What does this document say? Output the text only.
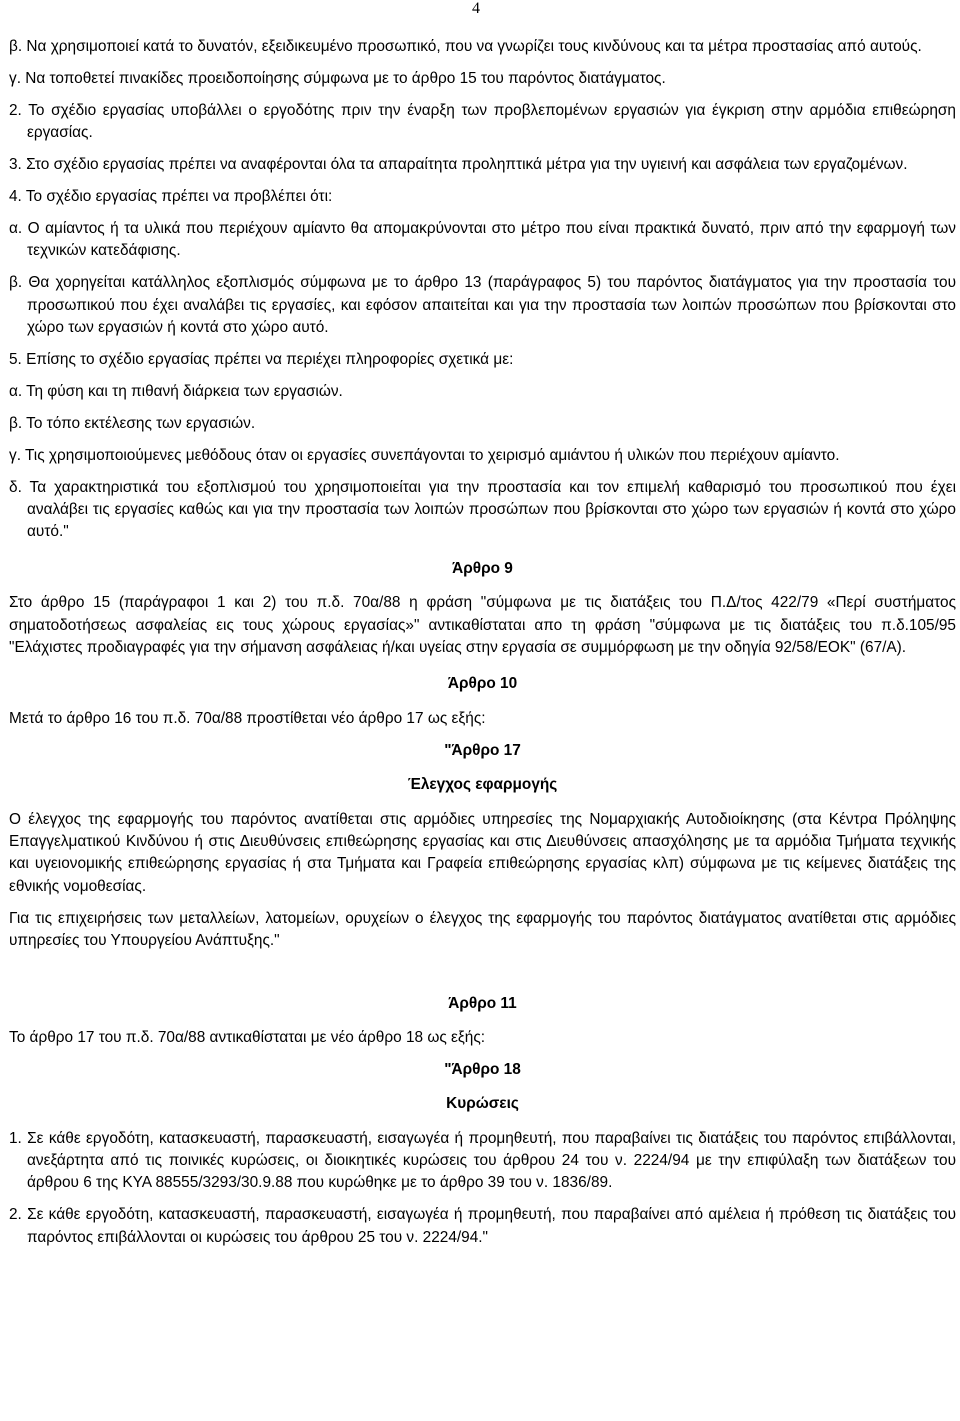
4

β. Να χρησιμοποιεί κατά το δυνατόν, εξειδικευμένο προσωπικό, που να γνωρίζει τους κινδύνους και τα μέτρα προστασίας από αυτούς.

γ. Να τοποθετεί πινακίδες προειδοποίησης σύμφωνα με το άρθρο 15 του παρόντος διατάγματος.

2. Το σχέδιο εργασίας υποβάλλει ο εργοδότης πριν την έναρξη των προβλεπομένων εργασιών για έγκριση στην αρμόδια επιθεώρηση εργασίας.

3. Στο σχέδιο εργασίας πρέπει να αναφέρονται όλα τα απαραίτητα προληπτικά μέτρα για την υγιεινή και ασφάλεια των εργαζομένων.

4. Το σχέδιο εργασίας πρέπει να προβλέπει ότι:

α. Ο αμίαντος ή τα υλικά που περιέχουν αμίαντο θα απομακρύνονται στο μέτρο που είναι πρακτικά δυνατό, πριν από την εφαρμογή των τεχνικών κατεδάφισης.

β. Θα χορηγείται κατάλληλος εξοπλισμός σύμφωνα με το άρθρο 13 (παράγραφος 5) του παρόντος διατάγματος για την προστασία του προσωπικού που έχει αναλάβει τις εργασίες, και εφόσον απαιτείται και για την προστασία των λοιπών προσώπων που βρίσκονται στο χώρο των εργασιών ή κοντά στο χώρο αυτό.

5. Επίσης το σχέδιο εργασίας πρέπει να περιέχει πληροφορίες σχετικά με:

α. Τη φύση και τη πιθανή διάρκεια των εργασιών.

β. Το τόπο εκτέλεσης των εργασιών.

γ. Τις χρησιμοποιούμενες μεθόδους όταν οι εργασίες συνεπάγονται το χειρισμό αμιάντου ή υλικών που περιέχουν αμίαντο.

δ. Τα χαρακτηριστικά του εξοπλισμού του χρησιμοποιείται για την προστασία και τον επιμελή καθαρισμό του προσωπικού που έχει αναλάβει τις εργασίες καθώς και για την προστασία των λοιπών προσώπων που βρίσκονται στο χώρο των εργασιών ή κοντά στο χώρο αυτό."

Άρθρο 9

Στο άρθρο 15 (παράγραφοι 1 και 2) του π.δ. 70α/88 η φράση "σύμφωνα με τις διατάξεις του Π.Δ/τος 422/79 «Περί συστήματος σηματοδοτήσεως ασφαλείας εις τους χώρους εργασίας»" αντικαθίσταται απο τη φράση "σύμφωνα με τις διατάξεις του π.δ.105/95 "Ελάχιστες προδιαγραφές για την σήμανση ασφάλειας ή/και υγείας στην εργασία σε συμμόρφωση με την οδηγία 92/58/ΕΟΚ" (67/Α).

Άρθρο 10

Μετά το άρθρο 16 του π.δ. 70α/88 προστίθεται νέο άρθρο 17 ως εξής:

"Άρθρο 17

Έλεγχος εφαρμογής

Ο έλεγχος της εφαρμογής του παρόντος ανατίθεται στις αρμόδιες υπηρεσίες της Νομαρχιακής Αυτοδιοίκησης (στα Κέντρα Πρόληψης Επαγγελματικού Κινδύνου ή στις Διευθύνσεις επιθεώρησης εργασίας και στις Διευθύνσεις απασχόλησης με τα αρμόδια Τμήματα τεχνικής και υγειονομικής επιθεώρησης εργασίας ή στα Τμήματα και Γραφεία επιθεώρησης εργασίας κλπ) σύμφωνα με τις κείμενες διατάξεις της εθνικής νομοθεσίας.

Για τις επιχειρήσεις των μεταλλείων, λατομείων, ορυχείων ο έλεγχος της εφαρμογής του παρόντος διατάγματος ανατίθεται στις αρμόδιες υπηρεσίες του Υπουργείου Ανάπτυξης."

Άρθρο 11

Το άρθρο 17 του π.δ. 70α/88 αντικαθίσταται με νέο άρθρο 18 ως εξής:

"Άρθρο 18

Κυρώσεις

1. Σε κάθε εργοδότη, κατασκευαστή, παρασκευαστή, εισαγωγέα ή προμηθευτή, που παραβαίνει τις διατάξεις του παρόντος επιβάλλονται, ανεξάρτητα από τις ποινικές κυρώσεις, οι διοικητικές κυρώσεις του άρθρου 24 του ν. 2224/94 με την επιφύλαξη των διατάξεων του άρθρου 6 της ΚΥΑ 88555/3293/30.9.88 που κυρώθηκε με το άρθρο 39 του ν. 1836/89.

2. Σε κάθε εργοδότη, κατασκευαστή, παρασκευαστή, εισαγωγέα ή προμηθευτή, που παραβαίνει από αμέλεια ή πρόθεση τις διατάξεις του παρόντος επιβάλλονται οι κυρώσεις του άρθρου 25 του ν. 2224/94."
